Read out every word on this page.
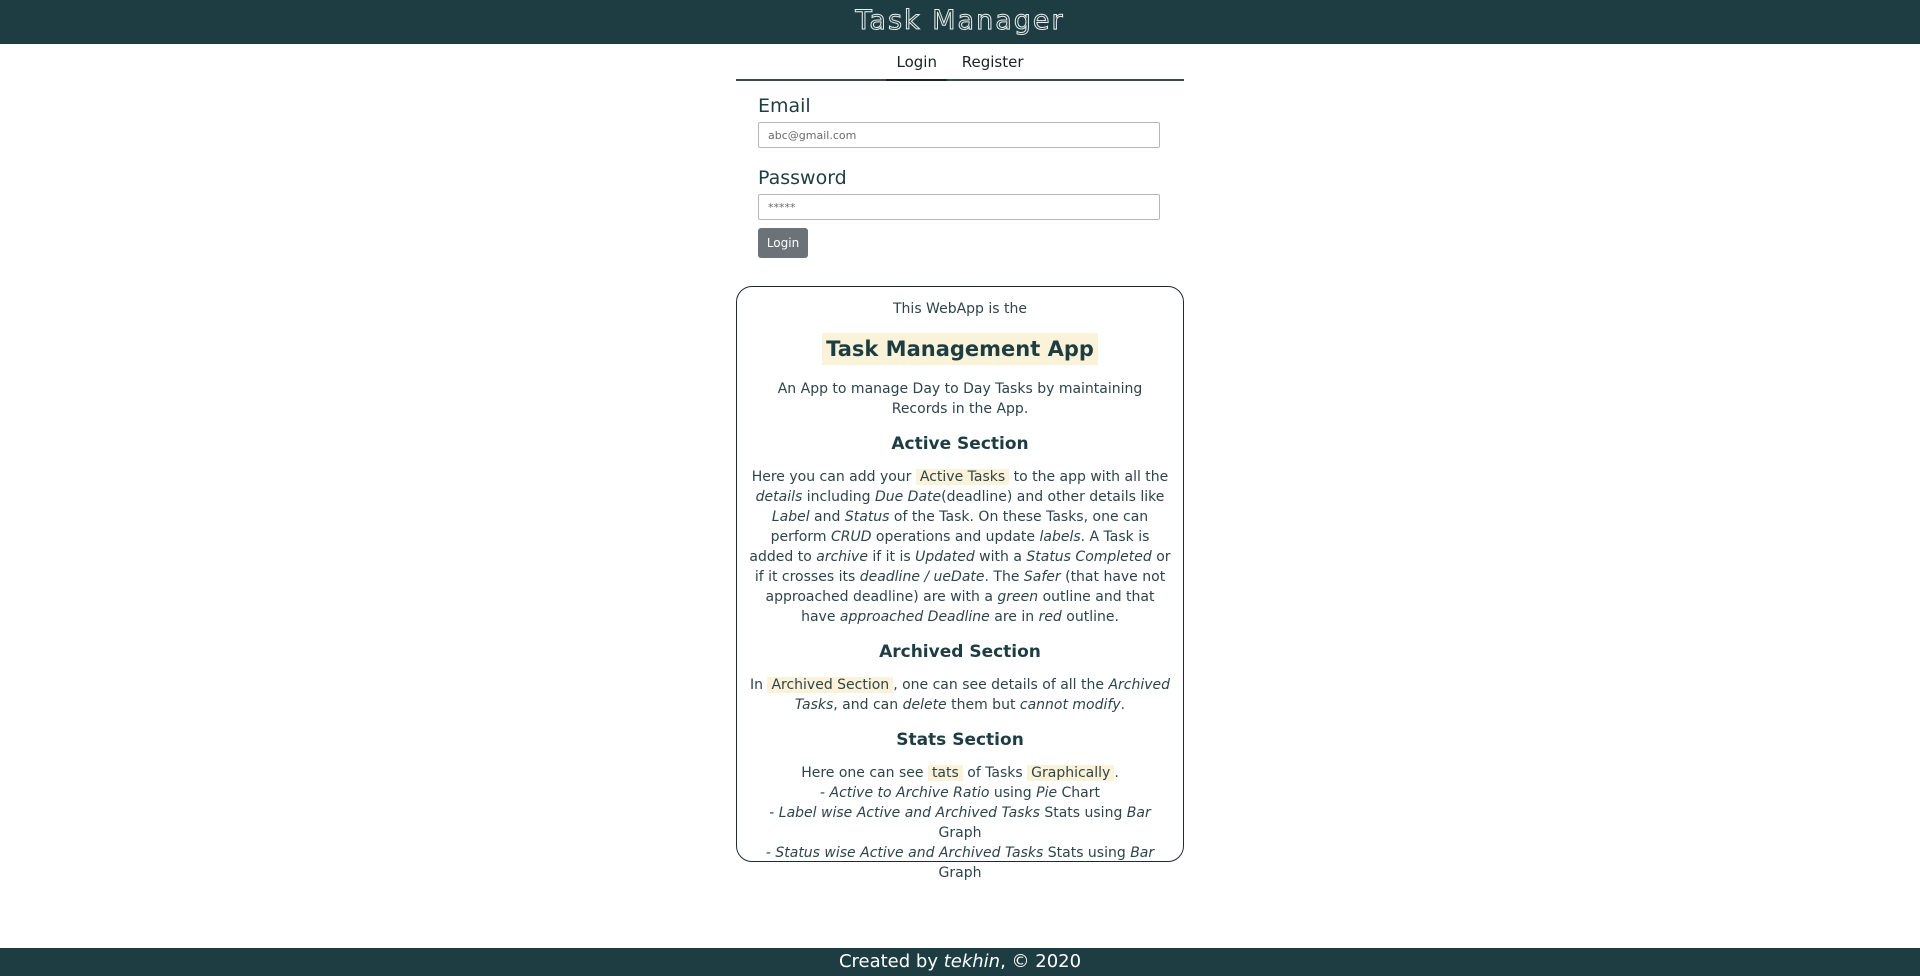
Task Manager
Login Register
Email
abc@gmail.com
Password
*****
Login

This WebApp is the

Task Management App

An App to manage Day to Day Tasks by maintaining Records in the App.

Active Section

Here you can add your Active Tasks to the app with all the details including Due Date(deadline) and other details like Label and Status of the Task. On these Tasks, one can perform CRUD operations and update labels. A Task is added to archive if it is Updated with a Status Completed or if it crosses its deadline / ueDate. The Safer (that have not approached deadline) are with a green outline and that have approached Deadline are in red outline.

Archived Section

In Archived Section , one can see details of all the Archived Tasks, and can delete them but cannot modify.

Stats Section

Here one can see tats of Tasks Graphically .

- Active to Archive Ratio using Pie Chart

- Label wise Active and Archived Tasks Stats using Bar Graph

- Status wise Active and Archived Tasks Stats using Bar Graph

Created by tekhin, © 2020
